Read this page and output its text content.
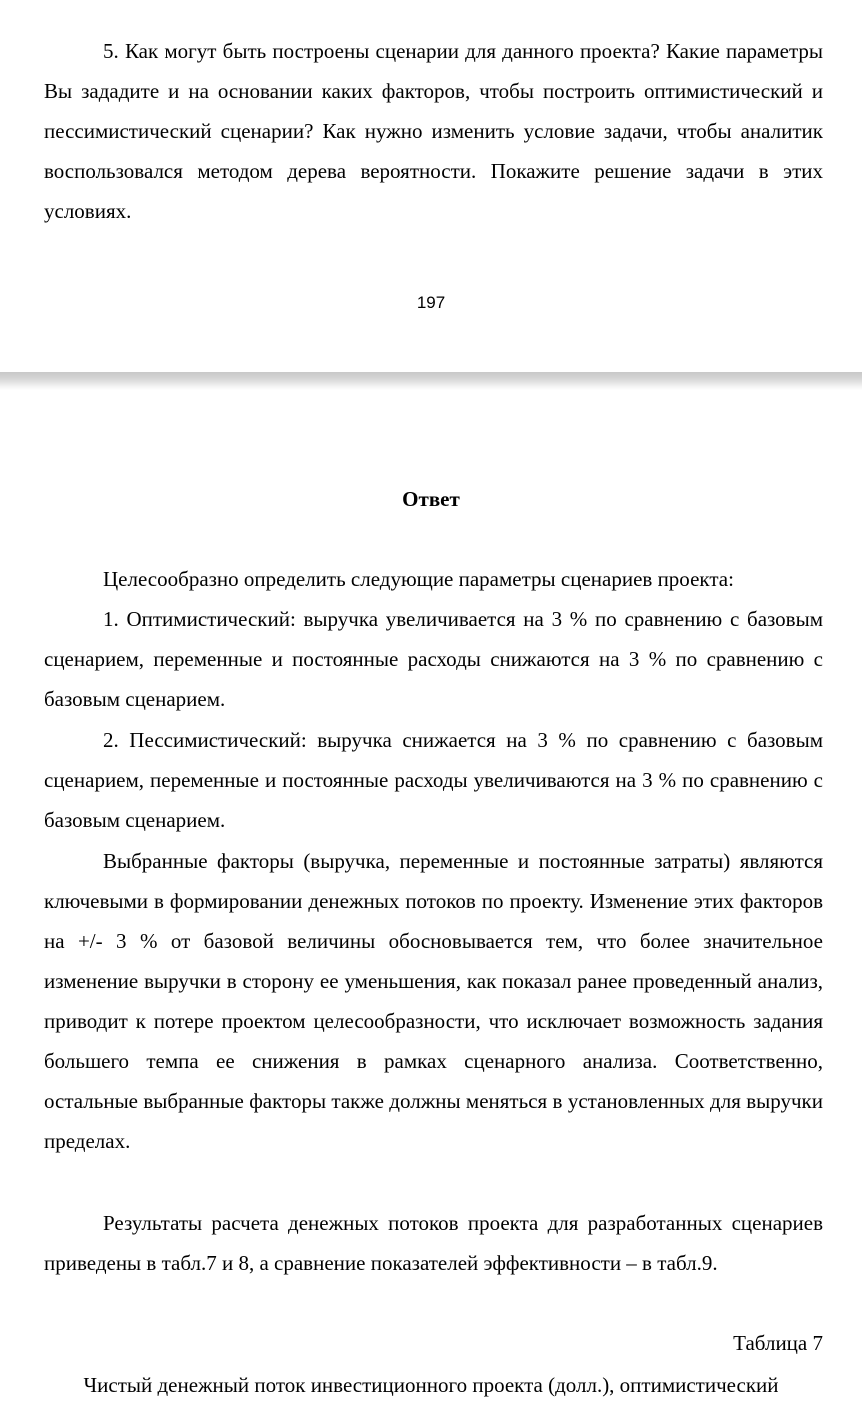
5. Как могут быть построены сценарии для данного проекта? Какие параметры Вы зададите и на основании каких факторов, чтобы построить оптимистический и пессимистический сценарии? Как нужно изменить условие задачи, чтобы аналитик воспользовался методом дерева вероятности. Покажите решение задачи в этих условиях.

197
Ответ

Целесообразно определить следующие параметры сценариев проекта:

1. Оптимистический: выручка увеличивается на 3 % по сравнению с базовым сценарием, переменные и постоянные расходы снижаются на 3 % по сравнению с базовым сценарием.

2. Пессимистический: выручка снижается на 3 % по сравнению с базовым сценарием, переменные и постоянные расходы увеличиваются на 3 % по сравнению с базовым сценарием.

Выбранные факторы (выручка, переменные и постоянные затраты) являются ключевыми в формировании денежных потоков по проекту. Изменение этих факторов на +/- 3 % от базовой величины обосновывается тем, что более значительное изменение выручки в сторону ее уменьшения, как показал ранее проведенный анализ, приводит к потере проектом целесообразности, что исключает возможность задания большего темпа ее снижения в рамках сценарного анализа. Соответственно, остальные выбранные факторы также должны меняться в установленных для выручки пределах.

Результаты расчета денежных потоков проекта для разработанных сценариев приведены в табл.7 и 8, а сравнение показателей эффективности – в табл.9.

Таблица 7
Чистый денежный поток инвестиционного проекта (долл.), оптимистический
